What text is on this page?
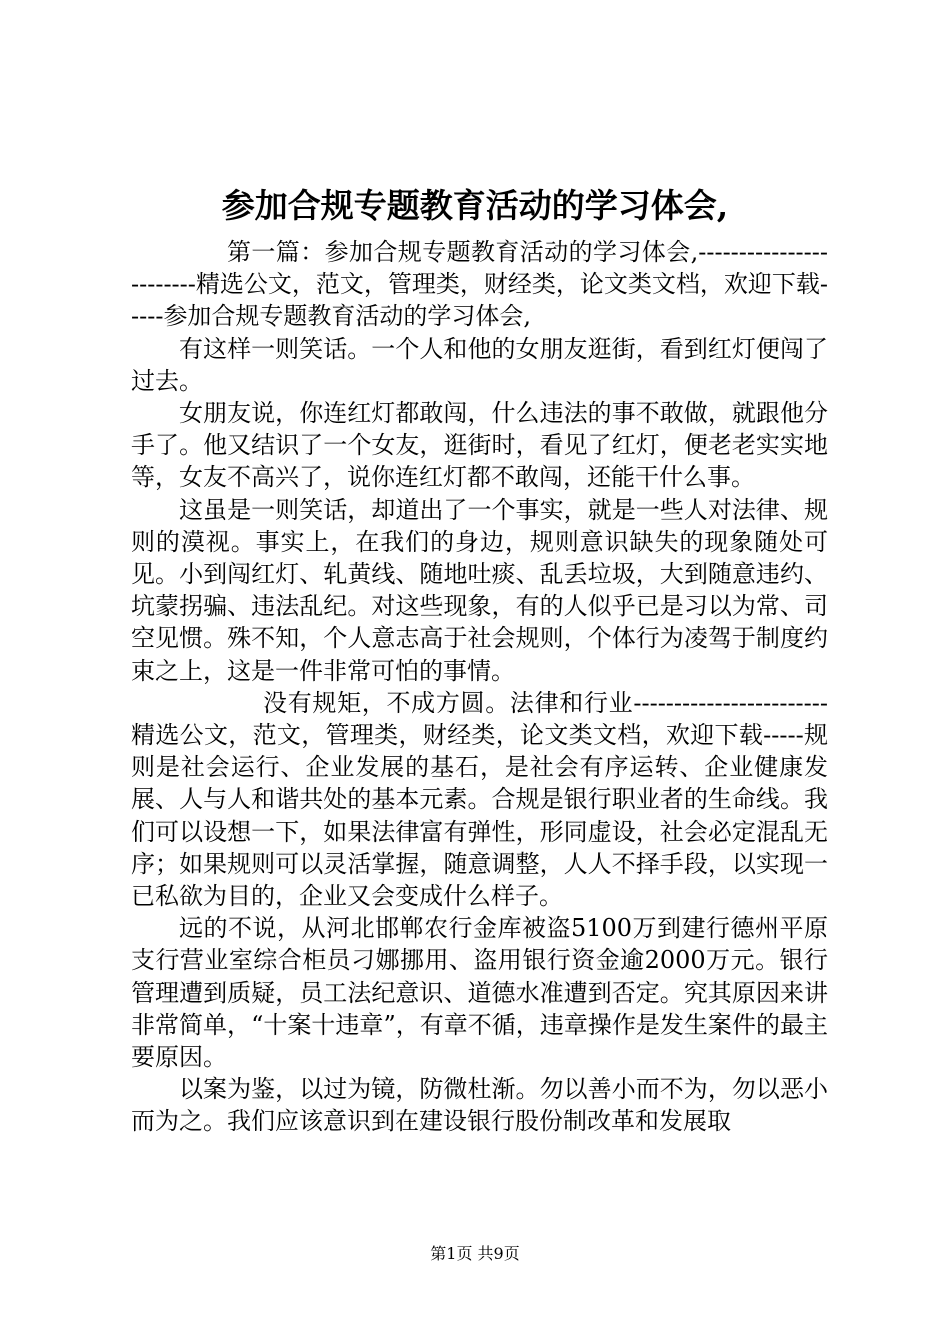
参加合规专题教育活动的学习体会,

第一篇：参加合规专题教育活动的学习体会,------------------------精选公文，范文，管理类，财经类，论文类文档，欢迎下载-----参加合规专题教育活动的学习体会,

有这样一则笑话。一个人和他的女朋友逛街，看到红灯便闯了过去。

女朋友说，你连红灯都敢闯，什么违法的事不敢做，就跟他分手了。他又结识了一个女友，逛街时，看见了红灯，便老老实实地等，女友不高兴了，说你连红灯都不敢闯，还能干什么事。

这虽是一则笑话，却道出了一个事实，就是一些人对法律、规则的漠视。事实上，在我们的身边，规则意识缺失的现象随处可见。小到闯红灯、轧黄线、随地吐痰、乱丢垃圾，大到随意违约、坑蒙拐骗、违法乱纪。对这些现象，有的人似乎已是习以为常、司空见惯。殊不知，个人意志高于社会规则，个体行为凌驾于制度约束之上，这是一件非常可怕的事情。

没有规矩，不成方圆。法律和行业------------------------精选公文，范文，管理类，财经类，论文类文档，欢迎下载-----规则是社会运行、企业发展的基石，是社会有序运转、企业健康发展、人与人和谐共处的基本元素。合规是银行职业者的生命线。我们可以设想一下，如果法律富有弹性，形同虚设，社会必定混乱无序；如果规则可以灵活掌握，随意调整，人人不择手段，以实现一已私欲为目的，企业又会变成什么样子。

远的不说，从河北邯郸农行金库被盗5100万到建行德州平原支行营业室综合柜员刁娜挪用、盗用银行资金逾2000万元。银行管理遭到质疑，员工法纪意识、道德水准遭到否定。究其原因来讲非常简单，“十案十违章”，有章不循，违章操作是发生案件的最主要原因。

以案为鉴，以过为镜，防微杜渐。勿以善小而不为，勿以恶小而为之。我们应该意识到在建设银行股份制改革和发展取

第1页 共9页
